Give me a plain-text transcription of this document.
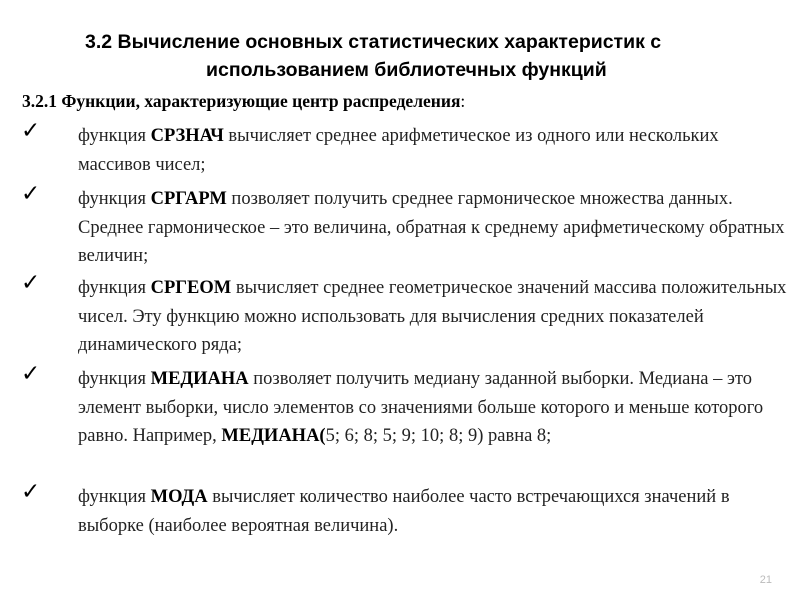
3.2 Вычисление основных статистических характеристик с
использованием библиотечных функций
3.2.1 Функции, характеризующие центр распределения:
✓ функция СРЗНАЧ вычисляет среднее арифметическое из одного или нескольких массивов чисел;
✓ функция СРГАРМ позволяет получить среднее гармоническое множества данных. Среднее гармоническое – это величина, обратная к среднему арифметическому обратных величин;
✓ функция СРГЕОМ вычисляет среднее геометрическое значений массива положительных чисел. Эту функцию можно использовать для вычисления средних показателей динамического ряда;
✓ функция МЕДИАНА позволяет получить медиану заданной выборки. Медиана – это элемент выборки, число элементов со значениями больше которого и меньше которого равно. Например, МЕДИАНА(5; 6; 8; 5; 9; 10; 8; 9) равна 8;
✓ функция МОДА вычисляет количество наиболее часто встречающихся значений в выборке (наиболее вероятная величина).
21
